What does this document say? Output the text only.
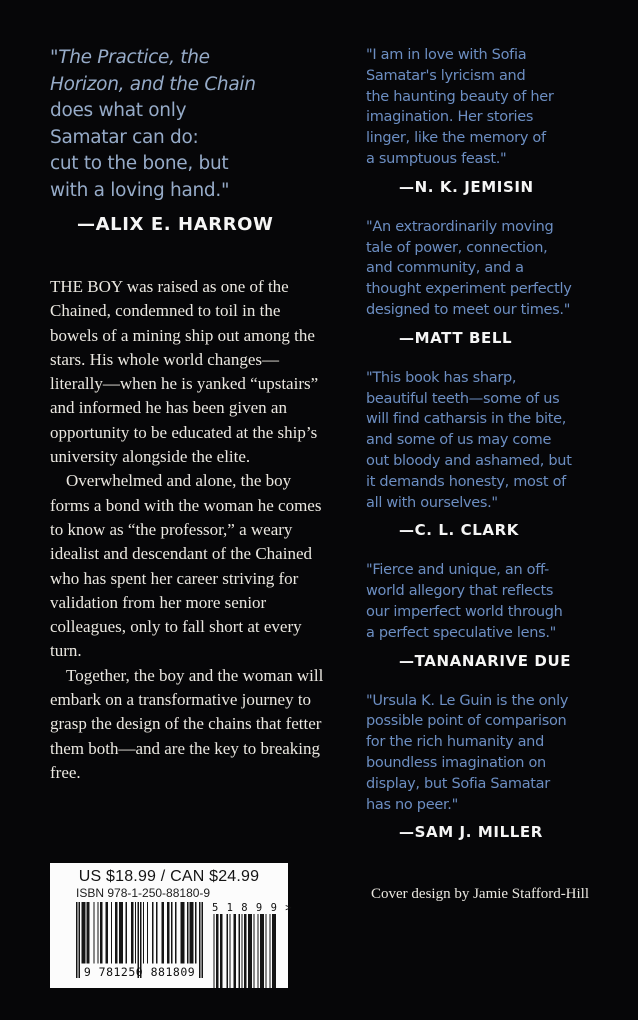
"The Practice, the
Horizon, and the Chain
does what only
Samatar can do:
cut to the bone, but
with a loving hand."
—ALIX E. HARROW

THE BOY was raised as one of the Chained, condemned to toil in the bowels of a mining ship out among the stars. His whole world changes—literally—when he is yanked “upstairs” and informed he has been given an opportunity to be educated at the ship’s university alongside the elite.

Overwhelmed and alone, the boy forms a bond with the woman he comes to know as “the professor,” a weary idealist and descendant of the Chained who has spent her career striving for validation from her more senior colleagues, only to fall short at every turn.

Together, the boy and the woman will embark on a transformative journey to grasp the design of the chains that fetter them both—and are the key to breaking free.

"I am in love with Sofia
Samatar's lyricism and
the haunting beauty of her
imagination. Her stories
linger, like the memory of
a sumptuous feast."
—N. K. JEMISIN
"An extraordinarily moving
tale of power, connection,
and community, and a
thought experiment perfectly
designed to meet our times."
—MATT BELL
"This book has sharp,
beautiful teeth—some of us
will find catharsis in the bite,
and some of us may come
out bloody and ashamed, but
it demands honesty, most of
all with ourselves."
—C. L. CLARK
"Fierce and unique, an off-
world allegory that reflects
our imperfect world through
a perfect speculative lens."
—TANANARIVE DUE
"Ursula K. Le Guin is the only
possible point of comparison
for the rich humanity and
boundless imagination on
display, but Sofia Samatar
has no peer."
—SAM J. MILLER
US $18.99 / CAN $24.99
ISBN 978-1-250-88180-9
9 781250 881809
5 1 8 9 9 >

Cover design by Jamie Stafford-Hill
